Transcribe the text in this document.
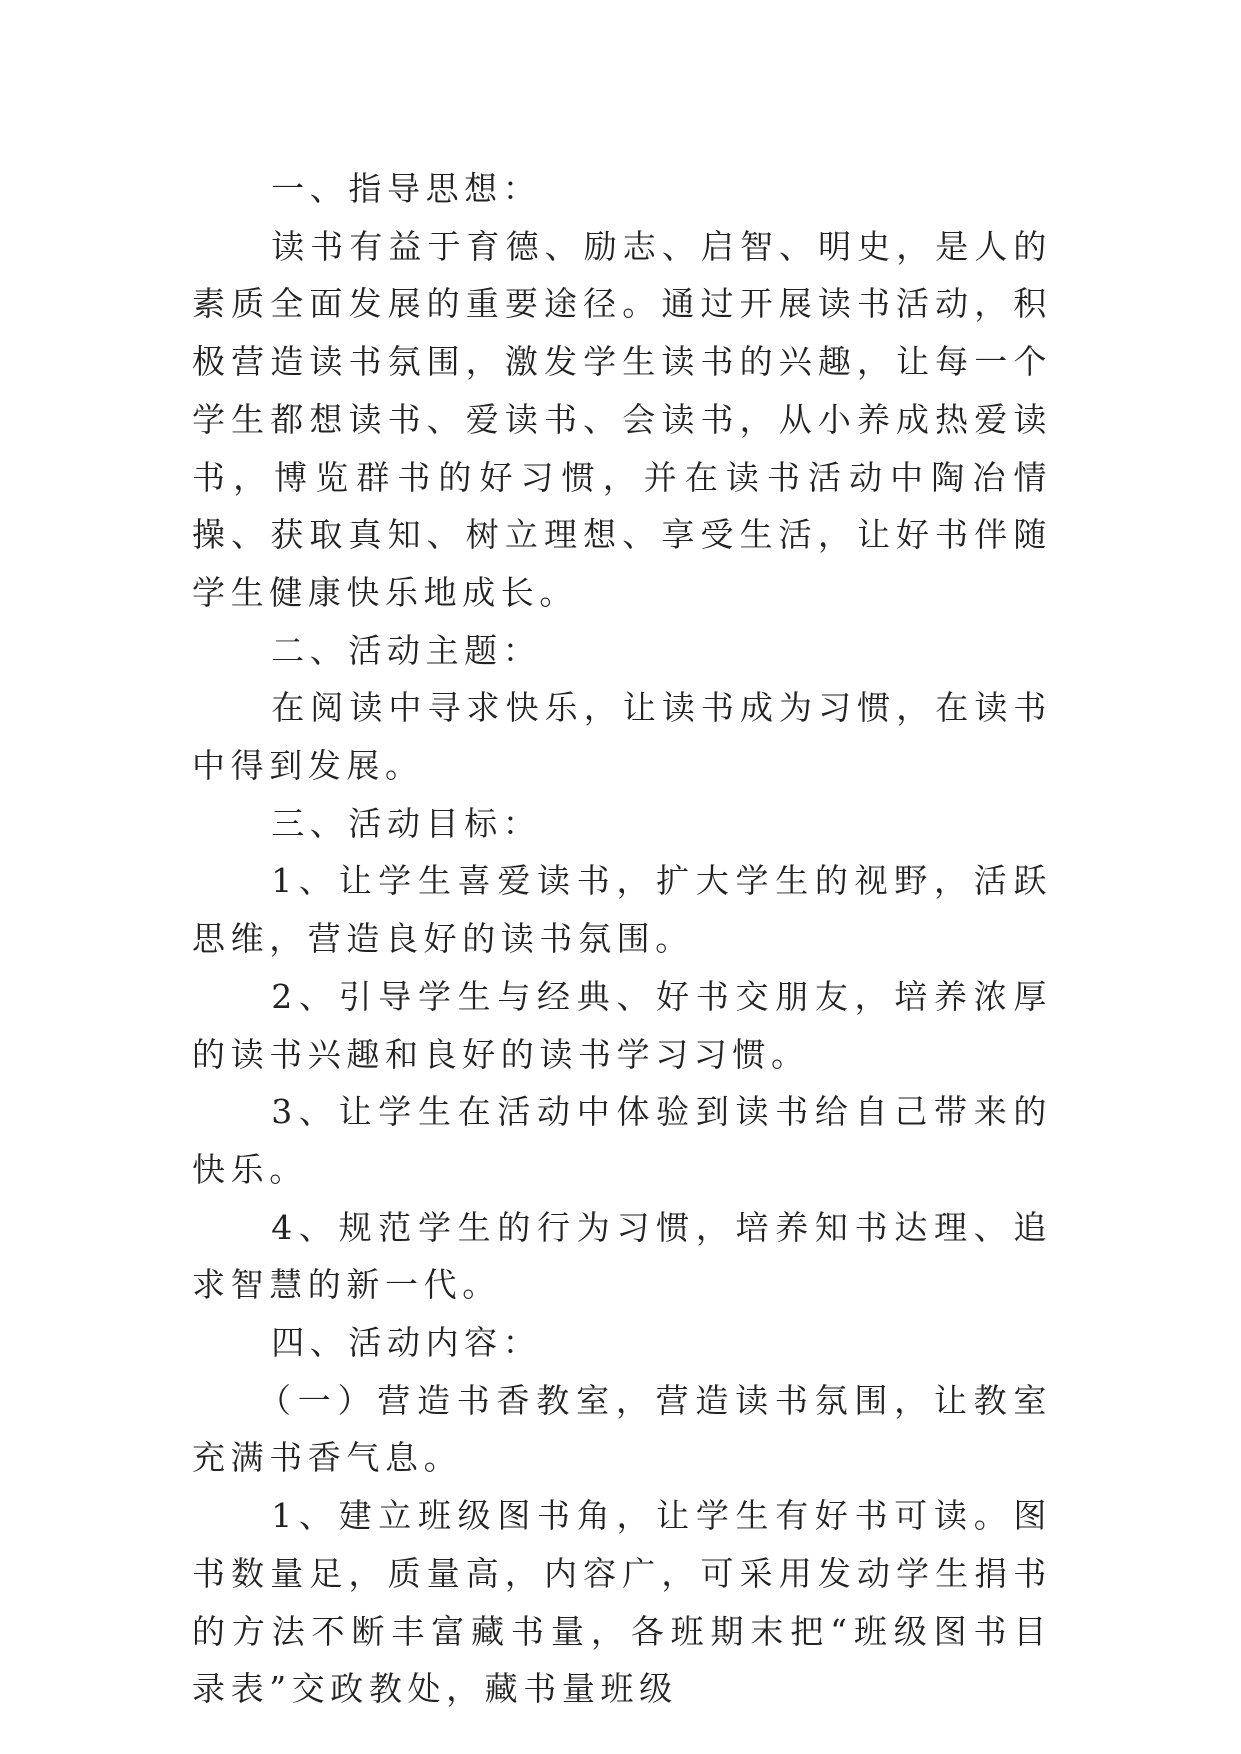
一、指导思想：

读书有益于育德、励志、启智、明史，是人的素质全面发展的重要途径。通过开展读书活动，积极营造读书氛围，激发学生读书的兴趣，让每一个学生都想读书、爱读书、会读书，从小养成热爱读书，博览群书的好习惯，并在读书活动中陶冶情操、获取真知、树立理想、享受生活，让好书伴随学生健康快乐地成长。

二、活动主题：

在阅读中寻求快乐，让读书成为习惯，在读书中得到发展。

三、活动目标：

1、让学生喜爱读书，扩大学生的视野，活跃思维，营造良好的读书氛围。

2、引导学生与经典、好书交朋友，培养浓厚的读书兴趣和良好的读书学习习惯。

3、让学生在活动中体验到读书给自己带来的快乐。

4、规范学生的行为习惯，培养知书达理、追求智慧的新一代。

四、活动内容：

（一）营造书香教室，营造读书氛围，让教室充满书香气息。

1、建立班级图书角，让学生有好书可读。图书数量足，质量高，内容广，可采用发动学生捐书的方法不断丰富藏书量，各班期末把“班级图书目录表”交政教处，藏书量班级
